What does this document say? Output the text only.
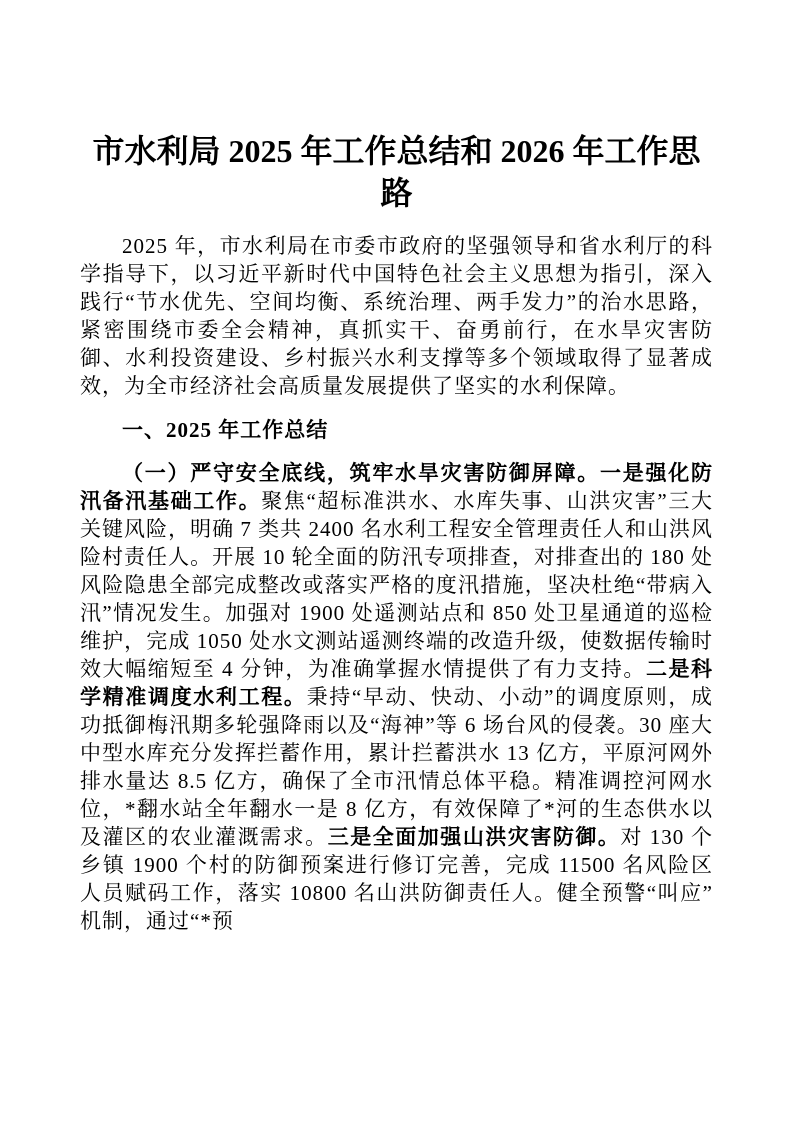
市水利局 2025 年工作总结和 2026 年工作思
路

2025 年，市水利局在市委市政府的坚强领导和省水利厅的科学指导下，以习近平新时代中国特色社会主义思想为指引，深入践行“节水优先、空间均衡、系统治理、两手发力”的治水思路，紧密围绕市委全会精神，真抓实干、奋勇前行，在水旱灾害防御、水利投资建设、乡村振兴水利支撑等多个领域取得了显著成效，为全市经济社会高质量发展提供了坚实的水利保障。

一、2025 年工作总结

（一）严守安全底线，筑牢水旱灾害防御屏障。一是强化防汛备汛基础工作。聚焦“超标准洪水、水库失事、山洪灾害”三大关键风险，明确 7 类共 2400 名水利工程安全管理责任人和山洪风险村责任人。开展 10 轮全面的防汛专项排查，对排查出的 180 处风险隐患全部完成整改或落实严格的度汛措施，坚决杜绝“带病入汛”情况发生。加强对 1900 处遥测站点和 850 处卫星通道的巡检维护，完成 1050 处水文测站遥测终端的改造升级，使数据传输时效大幅缩短至 4 分钟，为准确掌握水情提供了有力支持。二是科学精准调度水利工程。秉持“早动、快动、小动”的调度原则，成功抵御梅汛期多轮强降雨以及“海神”等 6 场台风的侵袭。30 座大中型水库充分发挥拦蓄作用，累计拦蓄洪水 13 亿方，平原河网外排水量达 8.5 亿方，确保了全市汛情总体平稳。精准调控河网水位，*翻水站全年翻水一是 8 亿方，有效保障了*河的生态供水以及灌区的农业灌溉需求。三是全面加强山洪灾害防御。对 130 个乡镇 1900 个村的防御预案进行修订完善，完成 11500 名风险区人员赋码工作，落实 10800 名山洪防御责任人。健全预警“叫应”机制，通过“*预
